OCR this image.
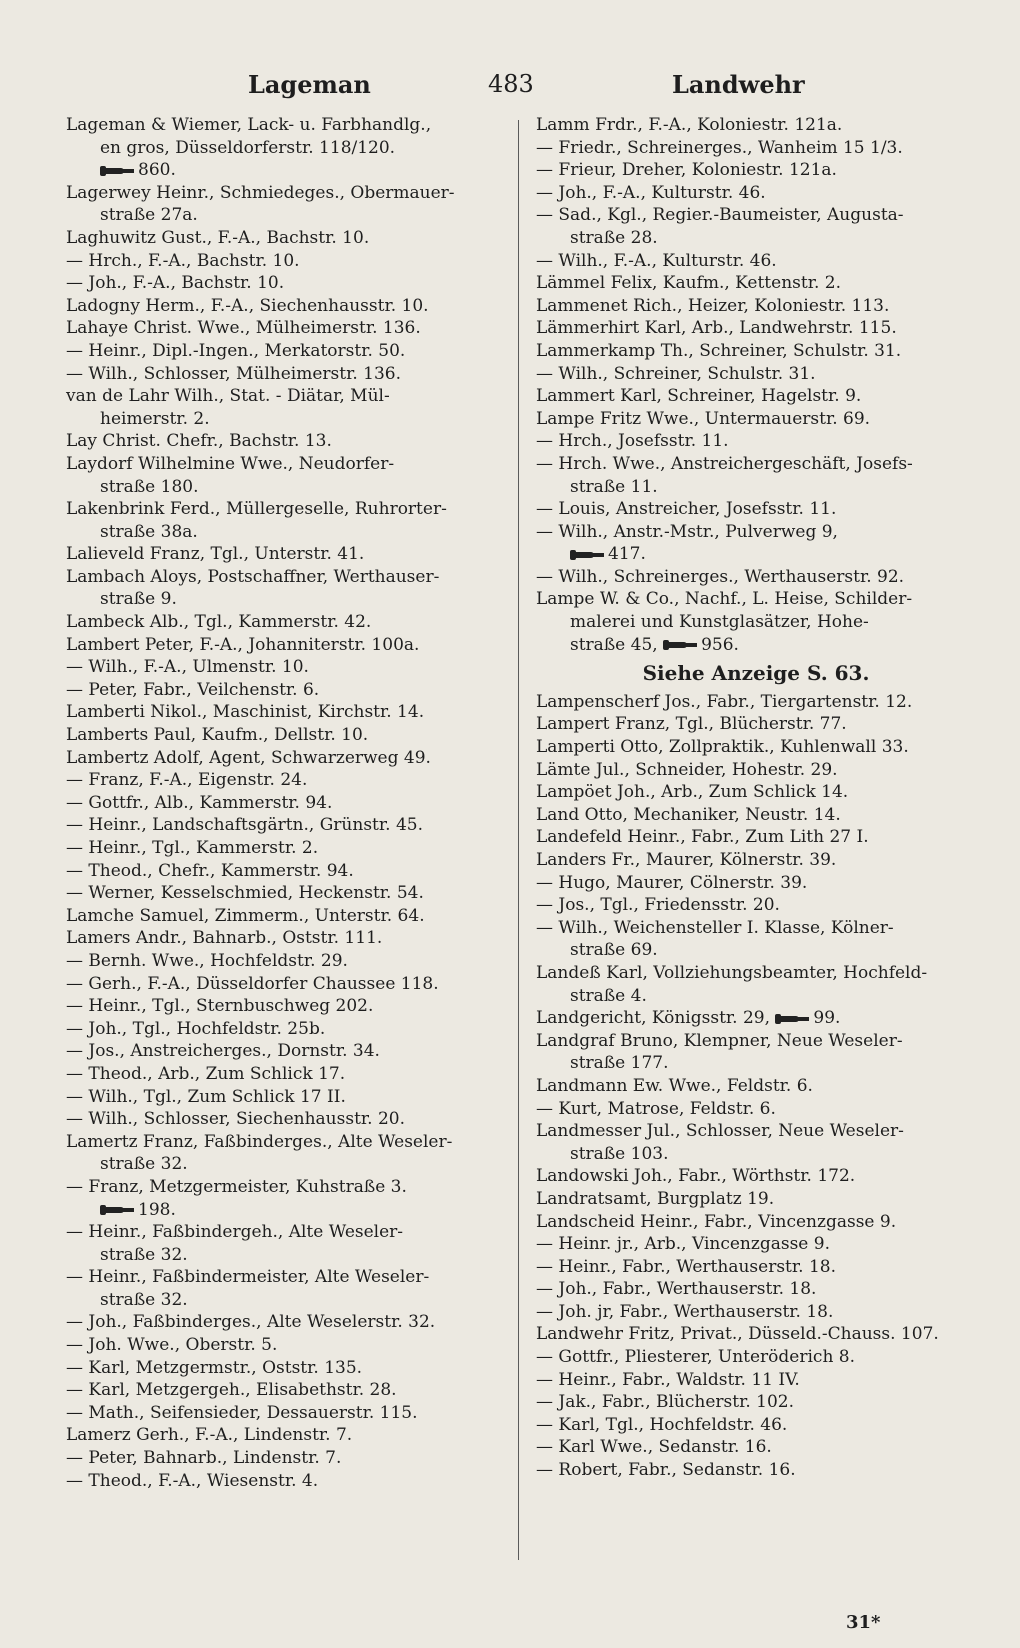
Lageman	483	Landwehr
Lageman & Wiemer, Lack- u. Farbhandlg.,
en gros, Düsseldorferstr. 118/120.
860.
Lagerwey Heinr., Schmiedeges., Obermauer-
straße 27a.
Laghuwitz Gust., F.-A., Bachstr. 10.
— Hrch., F.-A., Bachstr. 10.
— Joh., F.-A., Bachstr. 10.
Ladogny Herm., F.-A., Siechenhausstr. 10.
Lahaye Christ. Wwe., Mülheimerstr. 136.
— Heinr., Dipl.-Ingen., Merkatorstr. 50.
— Wilh., Schlosser, Mülheimerstr. 136.
van de Lahr Wilh., Stat. - Diätar, Mül-
heimerstr. 2.
Lay Christ. Chefr., Bachstr. 13.
Laydorf Wilhelmine Wwe., Neudorfer-
straße 180.
Lakenbrink Ferd., Müllergeselle, Ruhrorter-
straße 38a.
Lalieveld Franz, Tgl., Unterstr. 41.
Lambach Aloys, Postschaffner, Werthauser-
straße 9.
Lambeck Alb., Tgl., Kammerstr. 42.
Lambert Peter, F.-A., Johanniterstr. 100a.
— Wilh., F.-A., Ulmenstr. 10.
— Peter, Fabr., Veilchenstr. 6.
Lamberti Nikol., Maschinist, Kirchstr. 14.
Lamberts Paul, Kaufm., Dellstr. 10.
Lambertz Adolf, Agent, Schwarzerweg 49.
— Franz, F.-A., Eigenstr. 24.
— Gottfr., Alb., Kammerstr. 94.
— Heinr., Landschaftsgärtn., Grünstr. 45.
— Heinr., Tgl., Kammerstr. 2.
— Theod., Chefr., Kammerstr. 94.
— Werner, Kesselschmied, Heckenstr. 54.
Lamche Samuel, Zimmerm., Unterstr. 64.
Lamers Andr., Bahnarb., Oststr. 111.
— Bernh. Wwe., Hochfeldstr. 29.
— Gerh., F.-A., Düsseldorfer Chaussee 118.
— Heinr., Tgl., Sternbuschweg 202.
— Joh., Tgl., Hochfeldstr. 25b.
— Jos., Anstreicherges., Dornstr. 34.
— Theod., Arb., Zum Schlick 17.
— Wilh., Tgl., Zum Schlick 17 II.
— Wilh., Schlosser, Siechenhausstr. 20.
Lamertz Franz, Faßbinderges., Alte Weseler-
straße 32.
— Franz, Metzgermeister, Kuhstraße 3.
198.
— Heinr., Faßbindergeh., Alte Weseler-
straße 32.
— Heinr., Faßbindermeister, Alte Weseler-
straße 32.
— Joh., Faßbinderges., Alte Weselerstr. 32.
— Joh. Wwe., Oberstr. 5.
— Karl, Metzgermstr., Oststr. 135.
— Karl, Metzgergeh., Elisabethstr. 28.
— Math., Seifensieder, Dessauerstr. 115.
Lamerz Gerh., F.-A., Lindenstr. 7.
— Peter, Bahnarb., Lindenstr. 7.
— Theod., F.-A., Wiesenstr. 4.
Lamm Frdr., F.-A., Koloniestr. 121a.
— Friedr., Schreinerges., Wanheim 15 1/3.
— Frieur, Dreher, Koloniestr. 121a.
— Joh., F.-A., Kulturstr. 46.
— Sad., Kgl., Regier.-Baumeister, Augusta-
straße 28.
— Wilh., F.-A., Kulturstr. 46.
Lämmel Felix, Kaufm., Kettenstr. 2.
Lammenet Rich., Heizer, Koloniestr. 113.
Lämmerhirt Karl, Arb., Landwehrstr. 115.
Lammerkamp Th., Schreiner, Schulstr. 31.
— Wilh., Schreiner, Schulstr. 31.
Lammert Karl, Schreiner, Hagelstr. 9.
Lampe Fritz Wwe., Untermauerstr. 69.
— Hrch., Josefsstr. 11.
— Hrch. Wwe., Anstreichergeschäft, Josefs-
straße 11.
— Louis, Anstreicher, Josefsstr. 11.
— Wilh., Anstr.-Mstr., Pulverweg 9,
417.
— Wilh., Schreinerges., Werthauserstr. 92.
Lampe W. & Co., Nachf., L. Heise, Schilder-
malerei und Kunstglasätzer, Hohe-
straße 45,	956.
Siehe Anzeige S. 63.
Lampenscherf Jos., Fabr., Tiergartenstr. 12.
Lampert Franz, Tgl., Blücherstr. 77.
Lamperti Otto, Zollpraktik., Kuhlenwall 33.
Lämte Jul., Schneider, Hohestr. 29.
Lampöet Joh., Arb., Zum Schlick 14.
Land Otto, Mechaniker, Neustr. 14.
Landefeld Heinr., Fabr., Zum Lith 27 I.
Landers Fr., Maurer, Kölnerstr. 39.
— Hugo, Maurer, Cölnerstr. 39.
— Jos., Tgl., Friedensstr. 20.
— Wilh., Weichensteller I. Klasse, Kölner-
straße 69.
Landeß Karl, Vollziehungsbeamter, Hochfeld-
straße 4.
Landgericht, Königsstr. 29,	99.
Landgraf Bruno, Klempner, Neue Weseler-
straße 177.
Landmann Ew. Wwe., Feldstr. 6.
— Kurt, Matrose, Feldstr. 6.
Landmesser Jul., Schlosser, Neue Weseler-
straße 103.
Landowski Joh., Fabr., Wörthstr. 172.
Landratsamt, Burgplatz 19.
Landscheid Heinr., Fabr., Vincenzgasse 9.
— Heinr. jr., Arb., Vincenzgasse 9.
— Heinr., Fabr., Werthauserstr. 18.
— Joh., Fabr., Werthauserstr. 18.
— Joh. jr, Fabr., Werthauserstr. 18.
Landwehr Fritz, Privat., Düsseld.-Chauss. 107.
— Gottfr., Pliesterer, Unteröderich 8.
— Heinr., Fabr., Waldstr. 11 IV.
— Jak., Fabr., Blücherstr. 102.
— Karl, Tgl., Hochfeldstr. 46.
— Karl Wwe., Sedanstr. 16.
— Robert, Fabr., Sedanstr. 16.
31*
